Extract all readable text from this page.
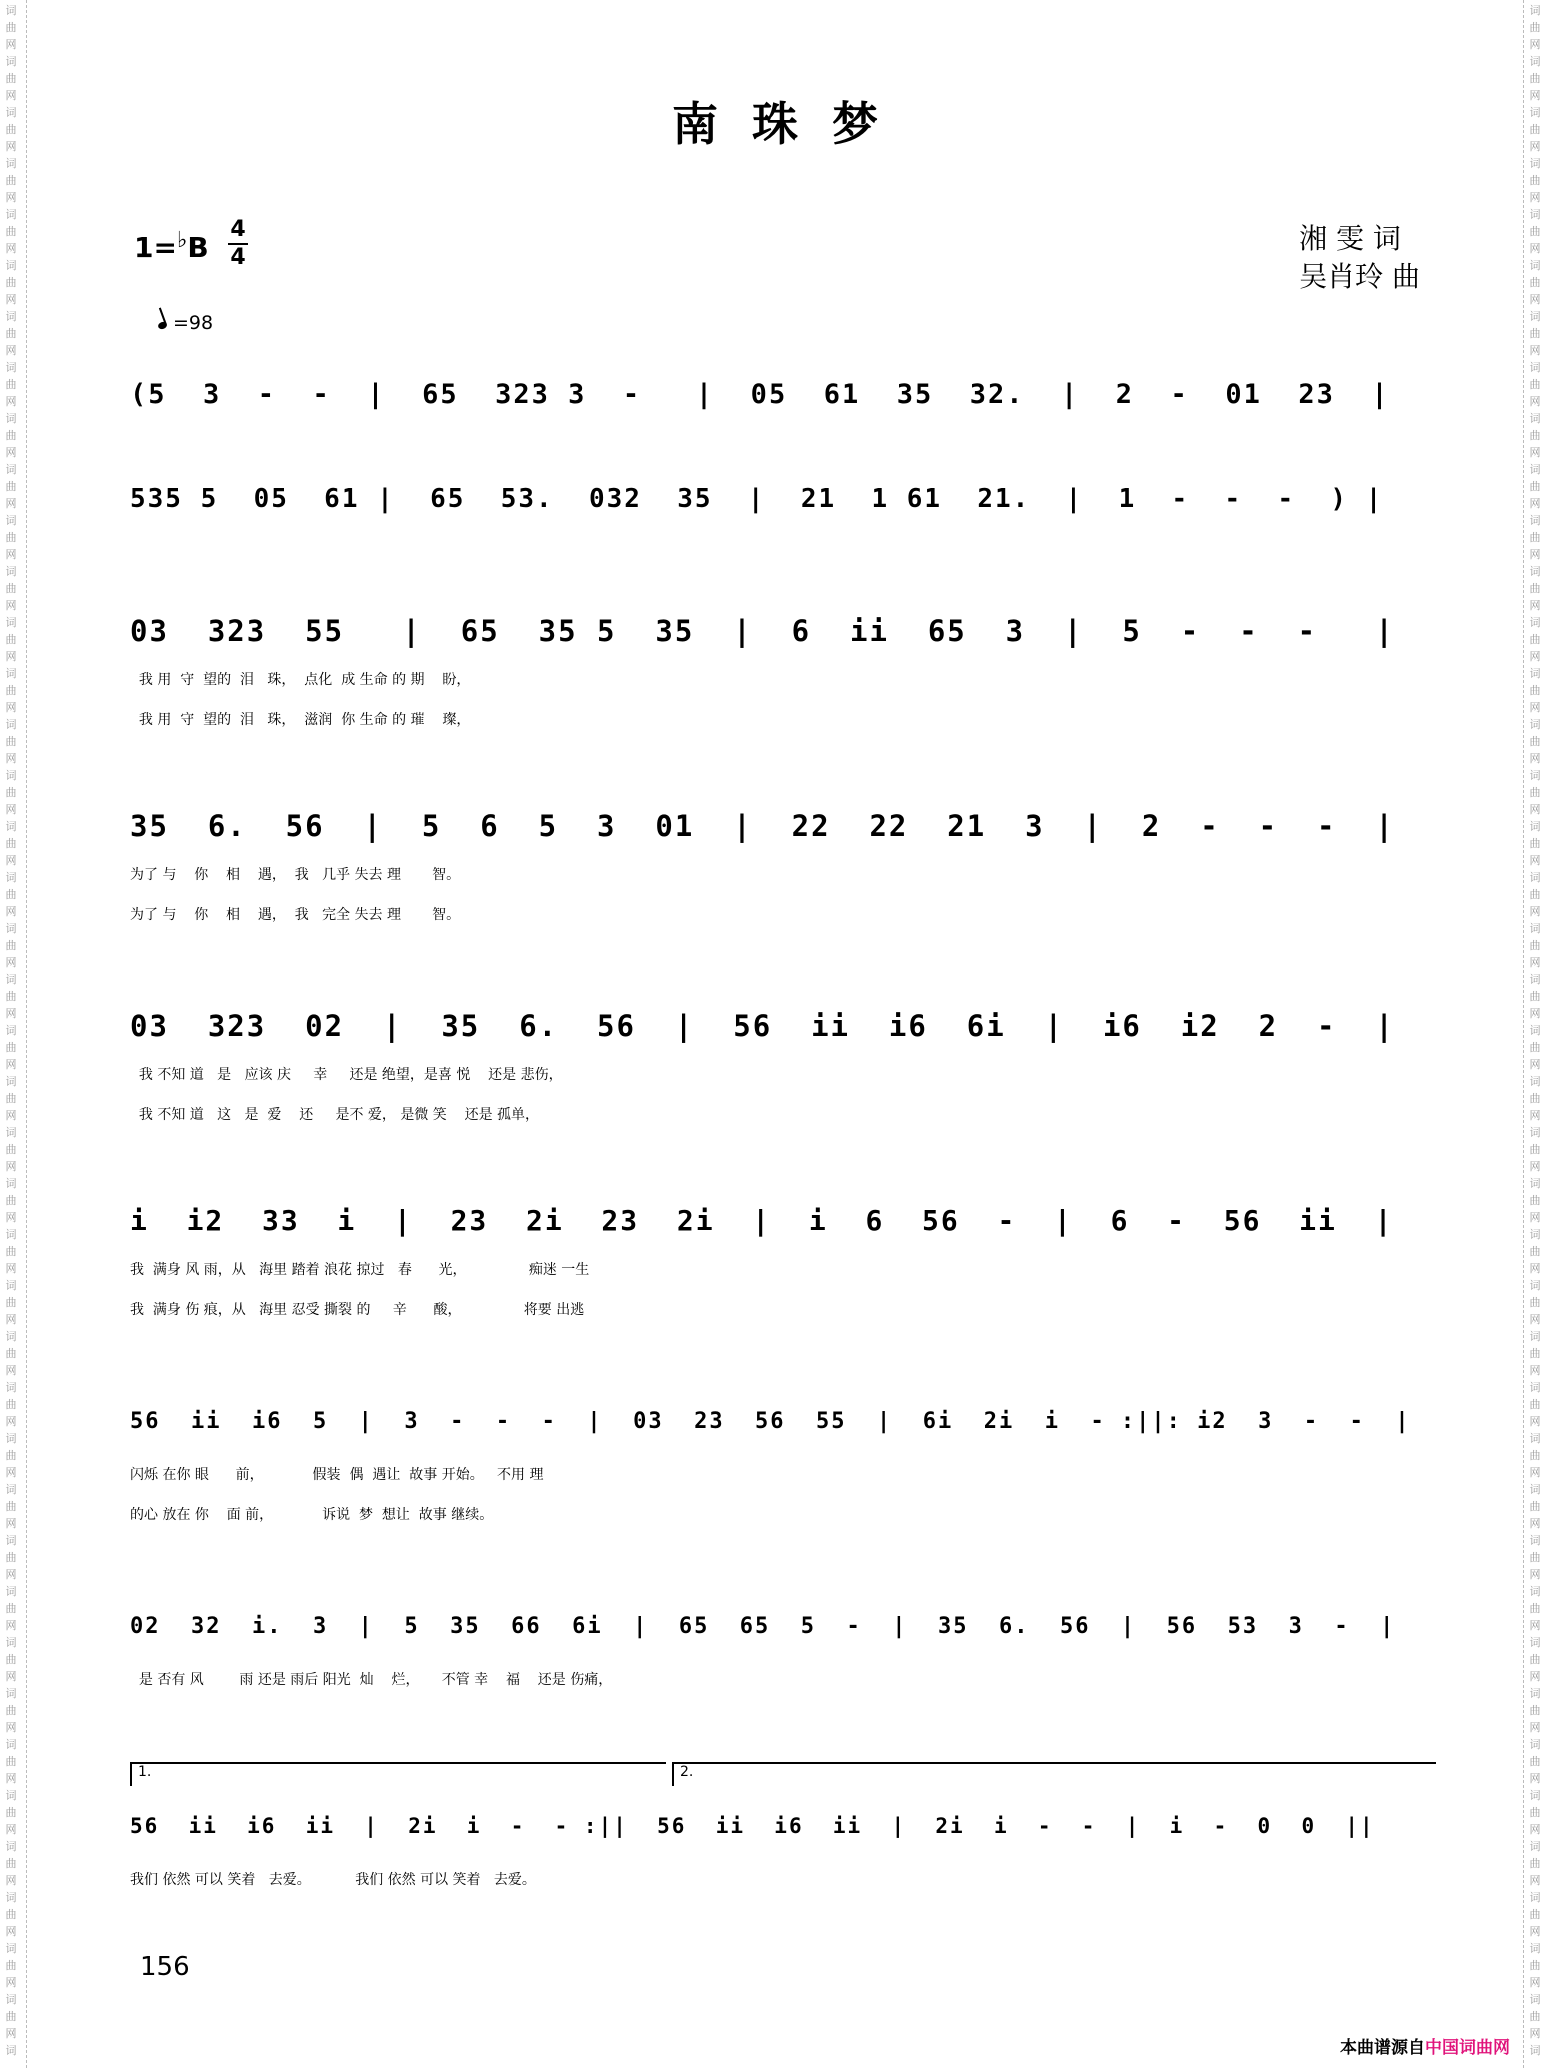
词
曲
网
词
曲
网
词
曲
网
词
曲
网
词
曲
网
词
曲
网
词
曲
网
词
曲
网
词
曲
网
词
曲
网
词
曲
网
词
曲
网
词
曲
网
词
曲
网
词
曲
网
词
曲
网
词
曲
网
词
曲
网
词
曲
网
词
曲
网
词
曲
网
词
曲
网
词
曲
网
词
曲
网
词
曲
网
词
曲
网
词
曲
网
词
曲
网
词
曲
网
词
曲
网
词
曲
网
词
曲
网
词
曲
网
词
曲
网
词
曲
网
词
曲
网
词
曲
网
词
曲
网
词
曲
网
词
曲
网
词
词
曲
网
词
曲
网
词
曲
网
词
曲
网
词
曲
网
词
曲
网
词
曲
网
词
曲
网
词
曲
网
词
曲
网
词
曲
网
词
曲
网
词
曲
网
词
曲
网
词
曲
网
词
曲
网
词
曲
网
词
曲
网
词
曲
网
词
曲
网
词
曲
网
词
曲
网
词
曲
网
词
曲
网
词
曲
网
词
曲
网
词
曲
网
词
曲
网
词
曲
网
词
曲
网
词
曲
网
词
曲
网
词
曲
网
词
曲
网
词
曲
网
词
曲
网
词
曲
网
词
曲
网
词
曲
网
词
曲
网
词
南珠梦
1=♭B
4
4
湘 雯 词
吴肖玲 曲
=98
(5  3  -  -  |  65  323 3  -   |  05  61  35  32.  |  2  -  01  23  |
535 5  05  61 |  65  53.  032  35  |  21  1 61  21.  |  1  -  -  -  ) |
03  323  55   |  65  35 5  35  |  6  ii  65  3  |  5  -  -  -   |
我 用  守  望的  泪   珠，  点化  成 生命 的 期    盼，
我 用  守  望的  泪   珠，  滋润  你 生命 的 璀    璨，
35  6.  56  |  5  6  5  3  01  |  22  22  21  3  |  2  -  -  -  |
为了 与    你    相    遇，  我   几乎 失去 理       智。
为了 与    你    相    遇，  我   完全 失去 理       智。
03  323  02  |  35  6.  56  |  56  ii  i6  6i  |  i6  i2  2  -  |
我 不知 道   是   应该 庆     幸     还是 绝望，是喜 悦    还是 悲伤，
我 不知 道   这   是  爱    还     是不 爱， 是微 笑    还是 孤单，
i  i2  33  i  |  23  2i  23  2i  |  i  6  56  -  |  6  -  56  ii  |
我  满身 风 雨，从   海里 踏着 浪花 掠过   春      光，              痴迷 一生
我  满身 伤 痕，从   海里 忍受 撕裂 的     辛      酸，              将要 出逃
56  ii  i6  5  |  3  -  -  -  |  03  23  56  55  |  6i  2i  i  - :||: i2  3  -  -  |
闪烁 在你 眼      前，           假装  偶  遇让  故事 开始。   不用 理
的心 放在 你    面 前，           诉说  梦  想让  故事 继续。
02  32  i.  3  |  5  35  66  6i  |  65  65  5  -  |  35  6.  56  |  56  53  3  -  |
是 否有 风        雨 还是 雨后 阳光  灿    烂，     不管 幸    福    还是 伤痛，
56  ii  i6  ii  |  2i  i  -  - :||  56  ii  i6  ii  |  2i  i  -  -  |  i  -  0  0  ||
我们 依然 可以 笑着   去爱。          我们 依然 可以 笑着   去爱。
1.	2.
156
本曲谱源自中国词曲网
